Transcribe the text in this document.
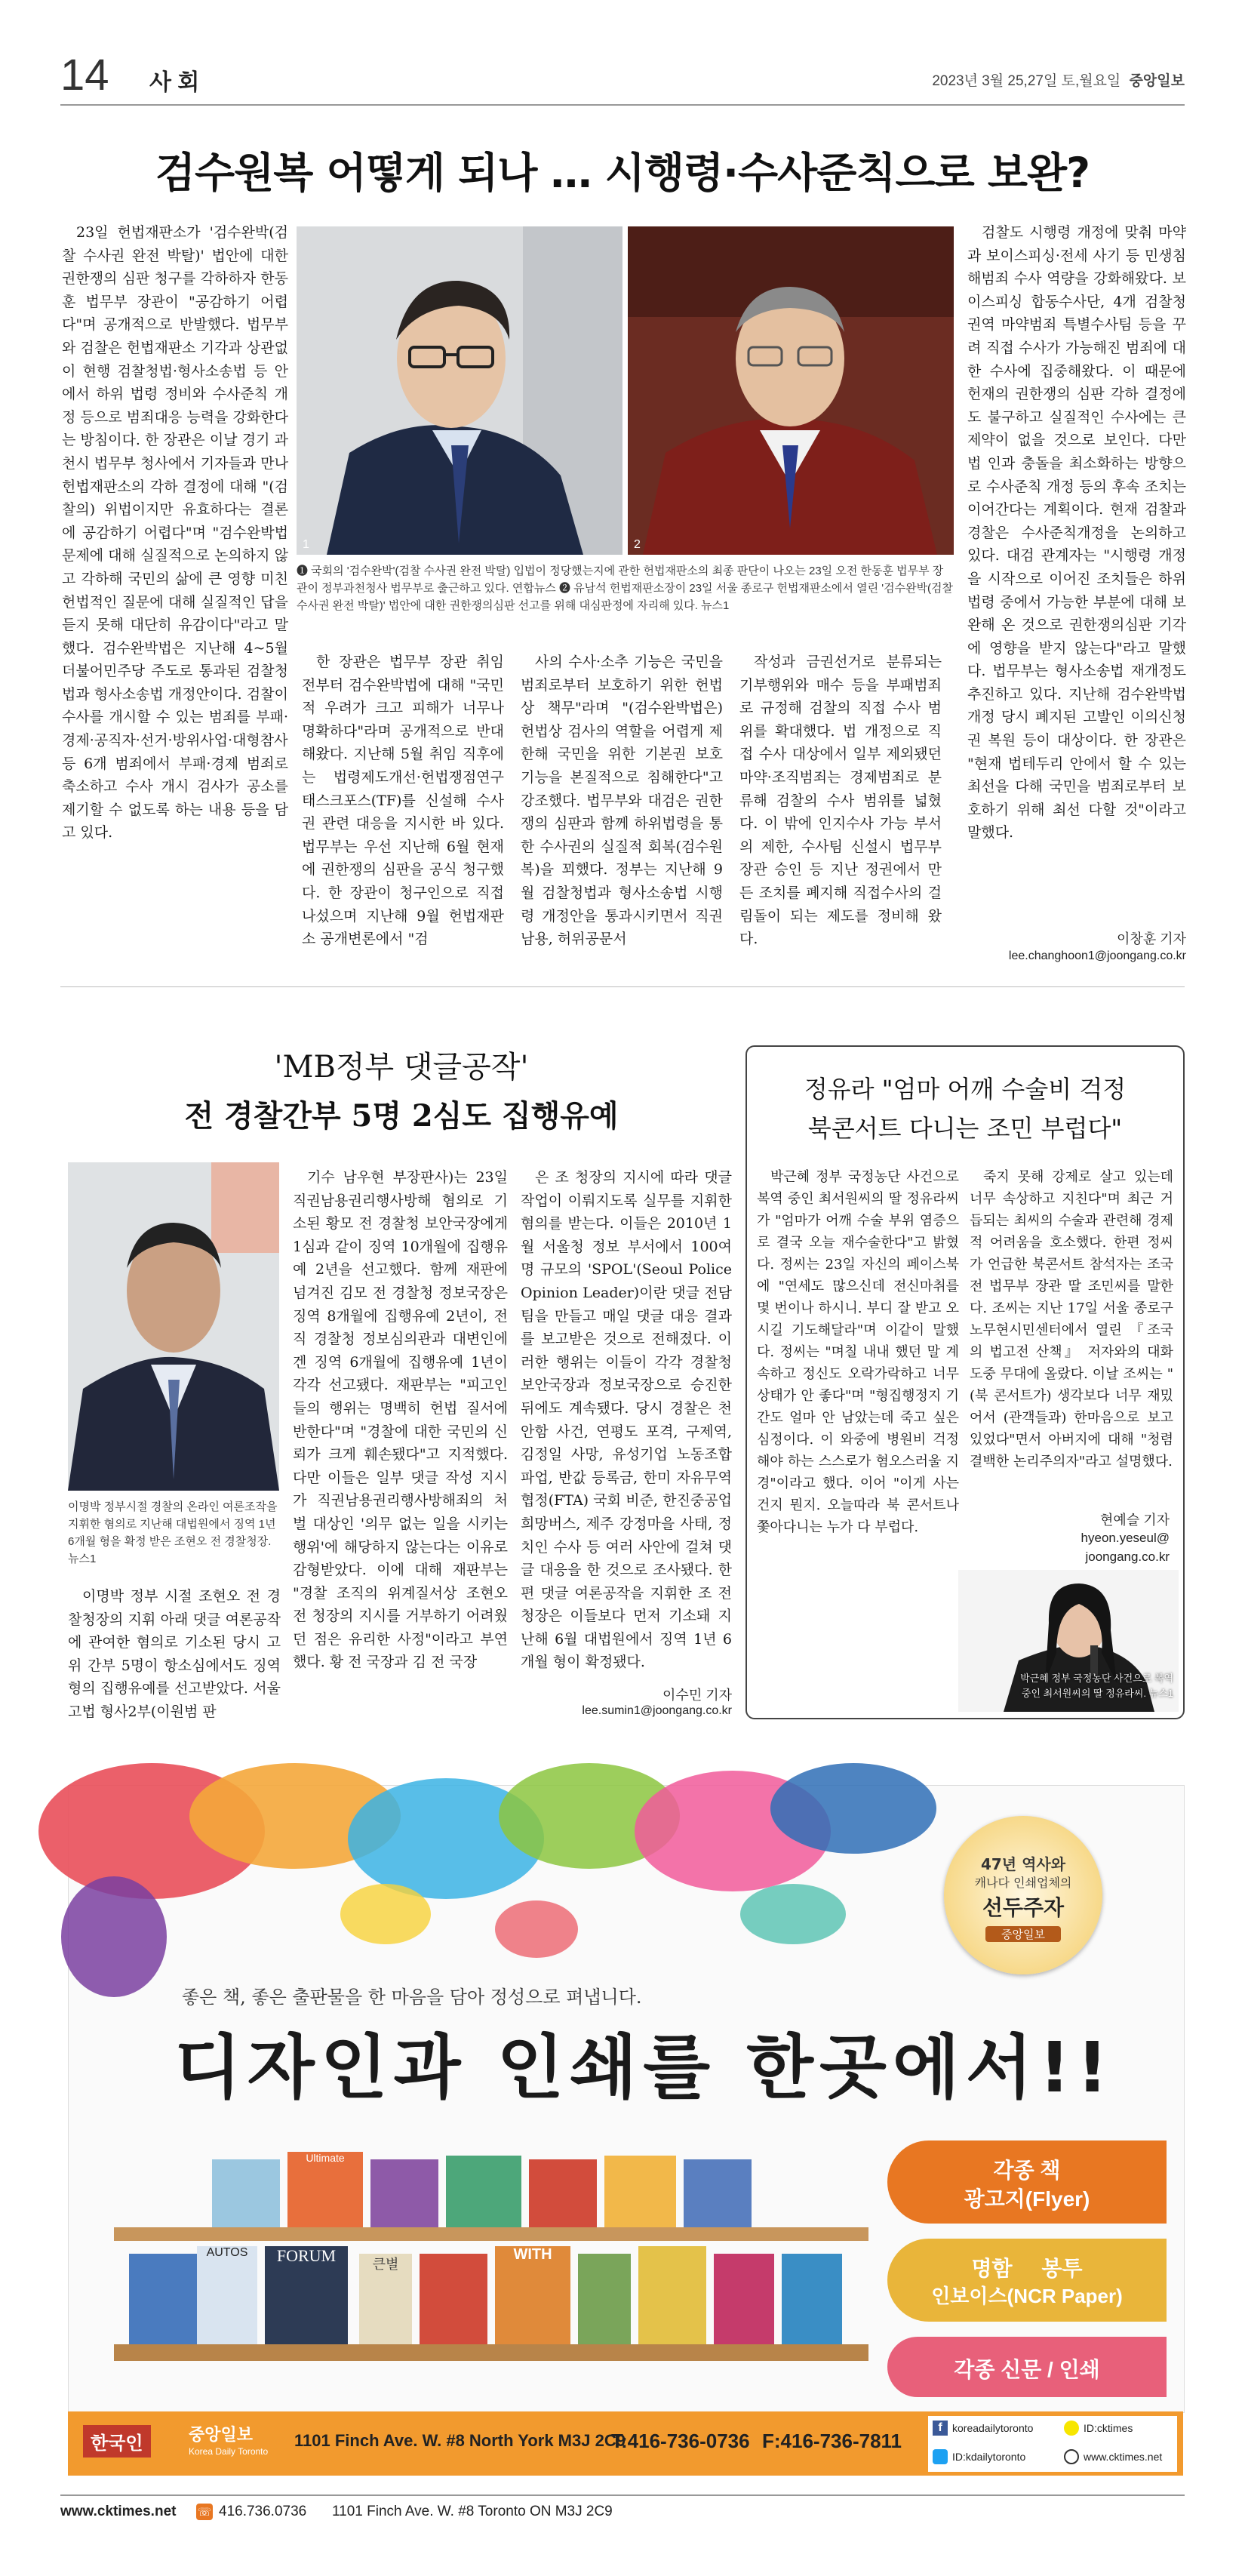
14 사 회	2023년 3월 25,27일 토,월요일 중앙일보
검수원복 어떻게 되나 … 시행령·수사준칙으로 보완?

23일 헌법재판소가 '검수완박(검찰 수사권 완전 박탈)' 법안에 대한 권한쟁의 심판 청구를 각하하자 한동훈 법무부 장관이 "공감하기 어렵다"며 공개적으로 반발했다. 법무부와 검찰은 헌법재판소 기각과 상관없이 현행 검찰청법·형사소송법 등 안에서 하위 법령 정비와 수사준칙 개정 등으로 범죄대응 능력을 강화한다는 방침이다. 한 장관은 이날 경기 과천시 법무부 청사에서 기자들과 만나 헌법재판소의 각하 결정에 대해 "(검찰의) 위법이지만 유효하다는 결론에 공감하기 어렵다"며 "검수완박법 문제에 대해 실질적으로 논의하지 않고 각하해 국민의 삶에 큰 영향 미친 헌법적인 질문에 대해 실질적인 답을 듣지 못해 대단히 유감이다"라고 말했다. 검수완박법은 지난해 4~5월 더불어민주당 주도로 통과된 검찰청법과 형사소송법 개정안이다. 검찰이 수사를 개시할 수 있는 범죄를 부패·경제·공직자·선거·방위사업·대형참사 등 6개 범죄에서 부패·경제 범죄로 축소하고 수사 개시 검사가 공소를 제기할 수 없도록 하는 내용 등을 담고 있다.

1	2
❶ 국회의 '검수완박'(검찰 수사권 완전 박탈) 입법이 정당했는지에 관한 헌법재판소의 최종 판단이 나오는 23일 오전 한동훈 법무부 장관이 정부과천청사 법무부로 출근하고 있다. 연합뉴스 ❷ 유남석 헌법재판소장이 23일 서울 종로구 헌법재판소에서 열린 '검수완박(검찰 수사권 완전 박탈)' 법안에 대한 권한쟁의심판 선고를 위해 대심판정에 자리해 있다. 뉴스1

한 장관은 법무부 장관 취임 전부터 검수완박법에 대해 "국민적 우려가 크고 피해가 너무나 명확하다"라며 공개적으로 반대해왔다. 지난해 5월 취임 직후에는 법령제도개선·헌법쟁점연구 태스크포스(TF)를 신설해 수사권 관련 대응을 지시한 바 있다. 법무부는 우선 지난해 6월 현재에 권한쟁의 심판을 공식 청구했다. 한 장관이 청구인으로 직접 나섰으며 지난해 9월 헌법재판소 공개변론에서 "검

사의 수사·소추 기능은 국민을 범죄로부터 보호하기 위한 헌법상 책무"라며 "(검수완박법은) 헌법상 검사의 역할을 어렵게 제한해 국민을 위한 기본권 보호 기능을 본질적으로 침해한다"고 강조했다. 법무부와 대검은 권한쟁의 심판과 함께 하위법령을 통한 수사권의 실질적 회복(검수원복)을 꾀했다. 정부는 지난해 9월 검찰청법과 형사소송법 시행령 개정안을 통과시키면서 직권남용, 허위공문서

작성과 금권선거로 분류되는 기부행위와 매수 등을 부패범죄로 규정해 검찰의 직접 수사 범위를 확대했다. 법 개정으로 직접 수사 대상에서 일부 제외됐던 마약·조직범죄는 경제범죄로 분류해 검찰의 수사 범위를 넓혔다. 이 밖에 인지수사 가능 부서의 제한, 수사팀 신설시 법무부 장관 승인 등 지난 정권에서 만든 조치를 폐지해 직접수사의 걸림돌이 되는 제도를 정비해 왔다.

검찰도 시행령 개정에 맞춰 마약과 보이스피싱·전세 사기 등 민생침해범죄 수사 역량을 강화해왔다. 보이스피싱 합동수사단, 4개 검찰청 권역 마약범죄 특별수사팀 등을 꾸려 직접 수사가 가능해진 범죄에 대한 수사에 집중해왔다. 이 때문에 헌재의 권한쟁의 심판 각하 결정에도 불구하고 실질적인 수사에는 큰 제약이 없을 것으로 보인다. 다만 법 인과 충돌을 최소화하는 방향으로 수사준칙 개정 등의 후속 조치는 이어간다는 계획이다. 현재 검찰과 경찰은 수사준칙개정을 논의하고 있다. 대검 관계자는 "시행령 개정을 시작으로 이어진 조치들은 하위 법령 중에서 가능한 부분에 대해 보완해 온 것으로 권한쟁의심판 기각에 영향을 받지 않는다"라고 말했다. 법무부는 형사소송법 재개정도 추진하고 있다. 지난해 검수완박법 개정 당시 폐지된 고발인 이의신청권 복원 등이 대상이다. 한 장관은 "현재 법테두리 안에서 할 수 있는 최선을 다해 국민을 범죄로부터 보호하기 위해 최선 다할 것"이라고 말했다.

이창훈 기자
lee.changhoon1@joongang.co.kr
'MB정부 댓글공작'
전 경찰간부 5명 2심도 집행유예
이명박 정부시절 경찰의 온라인 여론조작을 지휘한 혐의로 지난해 대법원에서 징역 1년 6개월 형을 확정 받은 조현오 전 경찰청장. 뉴스1

이명박 정부 시절 조현오 전 경찰청장의 지휘 아래 댓글 여론공작에 관여한 혐의로 기소된 당시 고위 간부 5명이 항소심에서도 징역형의 집행유예를 선고받았다. 서울고법 형사2부(이원범 판

기수 남우현 부장판사)는 23일 직권남용권리행사방해 혐의로 기소된 황모 전 경찰청 보안국장에게 1심과 같이 징역 10개월에 집행유예 2년을 선고했다. 함께 재판에 넘겨진 김모 전 경찰청 정보국장은 징역 8개월에 집행유예 2년이, 전직 경찰청 정보심의관과 대변인에겐 징역 6개월에 집행유예 1년이 각각 선고됐다. 재판부는 "피고인들의 행위는 명백히 헌법 질서에 반한다"며 "경찰에 대한 국민의 신뢰가 크게 훼손됐다"고 지적했다. 다만 이들은 일부 댓글 작성 지시가 직권남용권리행사방해죄의 처벌 대상인 '의무 없는 일을 시키는 행위'에 해당하지 않는다는 이유로 감형받았다. 이에 대해 재판부는 "경찰 조직의 위계질서상 조현오 전 청장의 지시를 거부하기 어려웠던 점은 유리한 사정"이라고 부연했다. 황 전 국장과 김 전 국장

은 조 청장의 지시에 따라 댓글 작업이 이뤄지도록 실무를 지휘한 혐의를 받는다. 이들은 2010년 1월 서울청 정보 부서에서 100여명 규모의 'SPOL'(Seoul Police Opinion Leader)이란 댓글 전담팀을 만들고 매일 댓글 대응 결과를 보고받은 것으로 전해졌다. 이러한 행위는 이들이 각각 경찰청 보안국장과 정보국장으로 승진한 뒤에도 계속됐다. 당시 경찰은 천안함 사건, 연평도 포격, 구제역, 김정일 사망, 유성기업 노동조합 파업, 반값 등록금, 한미 자유무역협정(FTA) 국회 비준, 한진중공업 희망버스, 제주 강정마을 사태, 정치인 수사 등 여러 사안에 걸쳐 댓글 대응을 한 것으로 조사됐다. 한편 댓글 여론공작을 지휘한 조 전 청장은 이들보다 먼저 기소돼 지난해 6월 대법원에서 징역 1년 6개월 형이 확정됐다.

이수민 기자
lee.sumin1@joongang.co.kr
정유라 "엄마 어깨 수술비 걱정
북콘서트 다니는 조민 부럽다"

박근혜 정부 국정농단 사건으로 복역 중인 최서원씨의 딸 정유라씨가 "엄마가 어깨 수술 부위 염증으로 결국 오늘 재수술한다"고 밝혔다. 정씨는 23일 자신의 페이스북에 "연세도 많으신데 전신마취를 몇 번이나 하시니. 부디 잘 받고 오시길 기도해달라"며 이같이 말했다. 정씨는 "며칠 내내 했던 말 계속하고 정신도 오락가락하고 너무 상태가 안 좋다"며 "형집행정지 기간도 얼마 안 남았는데 죽고 싶은 심정이다. 이 와중에 병원비 걱정해야 하는 스스로가 혐오스러울 지경"이라고 했다. 이어 "이게 사는 건지 뭔지. 오늘따라 북 콘서트나 쫓아다니는 누가 다 부럽다.

죽지 못해 강제로 살고 있는데 너무 속상하고 지친다"며 최근 거듭되는 최씨의 수술과 관련해 경제적 어려움을 호소했다. 한편 정씨가 언급한 북콘서트 참석자는 조국 전 법무부 장관 딸 조민씨를 말한다. 조씨는 지난 17일 서울 종로구 노무현시민센터에서 열린 『조국의 법고전 산책』 저자와의 대화 도중 무대에 올랐다. 이날 조씨는 "(북 콘서트가) 생각보다 너무 재밌어서 (관객들과) 한마음으로 보고 있었다"면서 아버지에 대해 "청렴결백한 논리주의자"라고 설명했다.

현예슬 기자
hyeon.yeseul@
joongang.co.kr
박근혜 정부 국정농단 사건으로 복역 중인 최서원씨의 딸 정유라씨. 뉴스1
47년 역사와
캐나다 인쇄업체의
선두주자
중앙일보
좋은 책, 좋은 출판물을 한 마음을 담아 정성으로 펴냅니다.
디자인과 인쇄를 한곳에서!!
AUTOS	FORUM	큰별
WITH
Ultimate
각종 책
광고지(Flyer)
명함     봉투
인보이스(NCR Paper)
각종 신문 / 인쇄
한국인	중앙일보
Korea Daily Toronto
1101 Finch Ave. W. #8 North York M3J 2C9
T:416-736-0736 F:416-736-7811
f koreadailytoronto	ID:cktimes
ID:kdailytoronto	www.cktimes.net
www.cktimes.net ☏ 416.736.0736 1101 Finch Ave. W. #8 Toronto ON M3J 2C9
